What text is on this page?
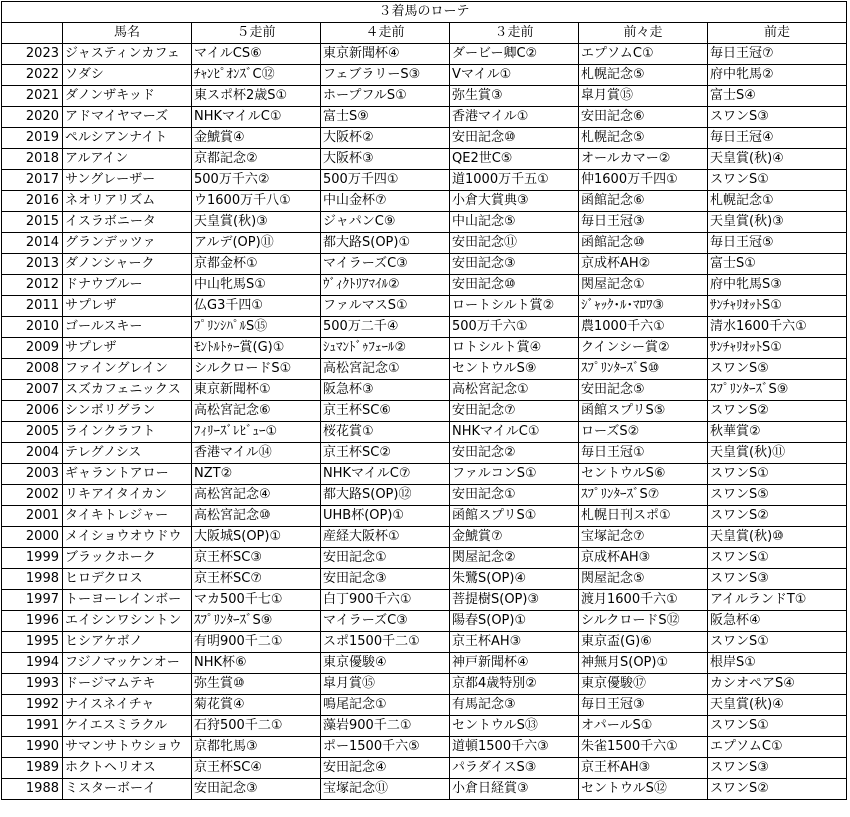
３着馬のローテ						
	馬名	５走前	４走前	３走前	前々走	前走
2023	ジャスティンカフェ	マイルCS⑥	東京新聞杯④	ダービー卿C②	エプソムC①	毎日王冠⑦
2022	ソダシ	ﾁｬﾝﾋﾟｵﾝｽﾞC⑫	フェブラリーS③	Vマイル①	札幌記念⑤	府中牝馬②
2021	ダノンザキッド	東スポ杯2歳S①	ホープフルS①	弥生賞③	皐月賞⑮	富士S④
2020	アドマイヤマーズ	NHKマイルC①	富士S⑨	香港マイル①	安田記念⑥	スワンS③
2019	ペルシアンナイト	金鯱賞④	大阪杯②	安田記念⑩	札幌記念⑤	毎日王冠④
2018	アルアイン	京都記念②	大阪杯③	QE2世C⑤	オールカマー②	天皇賞(秋)④
2017	サングレーザー	500万千六②	500万千四①	道1000万千五①	仲1600万千四①	スワンS①
2016	ネオリアリズム	ウ1600万千八①	中山金杯⑦	小倉大賞典③	函館記念⑥	札幌記念①
2015	イスラボニータ	天皇賞(秋)③	ジャパンC⑨	中山記念⑤	毎日王冠③	天皇賞(秋)③
2014	グランデッツァ	アルデ(OP)⑪	都大路S(OP)①	安田記念⑪	函館記念⑩	毎日王冠⑤
2013	ダノンシャーク	京都金杯①	マイラーズC③	安田記念③	京成杯AH②	富士S①
2012	ドナウブルー	中山牝馬S①	ｳﾞｨｸﾄﾘｱﾏｲﾙ②	安田記念⑩	関屋記念①	府中牝馬S③
2011	サプレザ	仏G3千四①	ファルマスS①	ロートシルト賞②	ｼﾞｬｯｸ･ﾙ･ﾏﾛﾜ③	ｻﾝﾁｬﾘｵｯﾄS①
2010	ゴールスキー	ﾌﾟﾘﾝｼﾊﾟﾙS⑮	500万二千④	500万千六①	農1000千六①	清水1600千六①
2009	サプレザ	ﾓﾝﾄﾙﾄｩｰ賞(G)①	ｼｭﾏﾝﾄﾞｩﾌｪｰﾙ②	ロトシルト賞④	クインシー賞②	ｻﾝﾁｬﾘｵｯﾄS①
2008	ファイングレイン	シルクロードS①	高松宮記念①	セントウルS⑨	ｽﾌﾟﾘﾝﾀｰｽﾞS⑩	スワンS⑤
2007	スズカフェニックス	東京新聞杯①	阪急杯③	高松宮記念①	安田記念⑤	ｽﾌﾟﾘﾝﾀｰｽﾞS⑨
2006	シンボリグラン	高松宮記念⑥	京王杯SC⑥	安田記念⑦	函館スプリS⑤	スワンS②
2005	ラインクラフト	ﾌｨﾘｰｽﾞﾚﾋﾞｭｰ①	桜花賞①	NHKマイルC①	ローズS②	秋華賞②
2004	テレグノシス	香港マイル⑭	京王杯SC②	安田記念②	毎日王冠①	天皇賞(秋)⑪
2003	ギャラントアロー	NZT②	NHKマイルC⑦	ファルコンS①	セントウルS⑥	スワンS①
2002	リキアイタイカン	高松宮記念④	都大路S(OP)⑫	安田記念①	ｽﾌﾟﾘﾝﾀｰｽﾞS⑦	スワンS⑤
2001	タイキトレジャー	高松宮記念⑩	UHB杯(OP)①	函館スプリS①	札幌日刊スポ①	スワンS②
2000	メイショウオウドウ	大阪城S(OP)①	産経大阪杯①	金鯱賞⑦	宝塚記念⑦	天皇賞(秋)⑩
1999	ブラックホーク	京王杯SC③	安田記念①	関屋記念②	京成杯AH③	スワンS①
1998	ヒロデクロス	京王杯SC⑦	安田記念③	朱鷺S(OP)④	関屋記念⑤	スワンS③
1997	トーヨーレインボー	マカ500千七①	白丁900千六①	菩提樹S(OP)③	渡月1600千六①	アイルランドT①
1996	エイシンワシントン	ｽﾌﾟﾘﾝﾀｰｽﾞS⑨	マイラーズC③	陽春S(OP)①	シルクロードS⑫	阪急杯④
1995	ヒシアケボノ	有明900千二①	スポ1500千二①	京王杯AH③	東京盃(G)⑥	スワンS①
1994	フジノマッケンオー	NHK杯⑥	東京優駿④	神戸新聞杯④	神無月S(OP)①	根岸S①
1993	ドージマムテキ	弥生賞⑩	皐月賞⑮	京都4歳特別②	東京優駿⑰	カシオペアS④
1992	ナイスネイチャ	菊花賞④	鳴尾記念①	有馬記念③	毎日王冠③	天皇賞(秋)④
1991	ケイエスミラクル	石狩500千二①	藻岩900千二①	セントウルS⑬	オパールS①	スワンS①
1990	サマンサトウショウ	京都牝馬③	ポー1500千六⑤	道頓1500千六③	朱雀1500千六①	エプソムC①
1989	ホクトヘリオス	京王杯SC④	安田記念④	パラダイスS③	京王杯AH③	スワンS③
1988	ミスターボーイ	安田記念③	宝塚記念⑪	小倉日経賞③	セントウルS⑫	スワンS②
